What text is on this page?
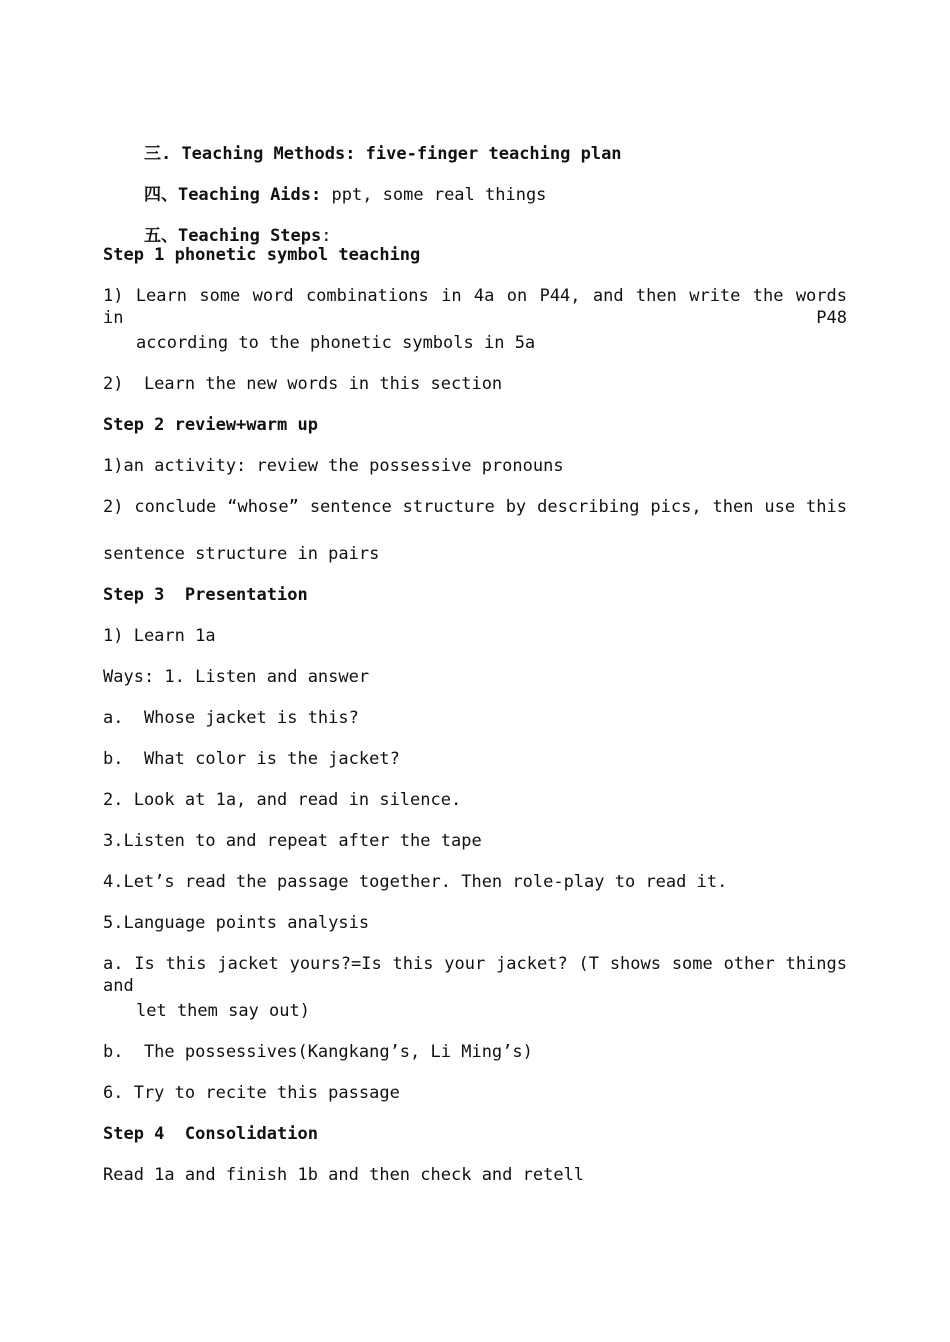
三. Teaching Methods: five-finger teaching plan

四、Teaching Aids: ppt, some real things

五、Teaching Steps:

Step 1 phonetic symbol teaching
1) Learn some word combinations in 4a on P44, and then write the words in P48
according to the phonetic symbols in 5a
2)  Learn the new words in this section
Step 2 review+warm up
1)an activity: review the possessive pronouns
2) conclude “whose” sentence structure by describing pics, then use this
sentence structure in pairs
Step 3  Presentation
1) Learn 1a
Ways: 1. Listen and answer
a.  Whose jacket is this?
b.  What color is the jacket?
2. Look at 1a, and read in silence.
3.Listen to and repeat after the tape
4.Let’s read the passage together. Then role-play to read it.
5.Language points analysis
a. Is this jacket yours?=Is this your jacket? (T shows some other things and
let them say out)
b.  The possessives(Kangkang’s, Li Ming’s)
6. Try to recite this passage
Step 4  Consolidation
Read 1a and finish 1b and then check and retell
